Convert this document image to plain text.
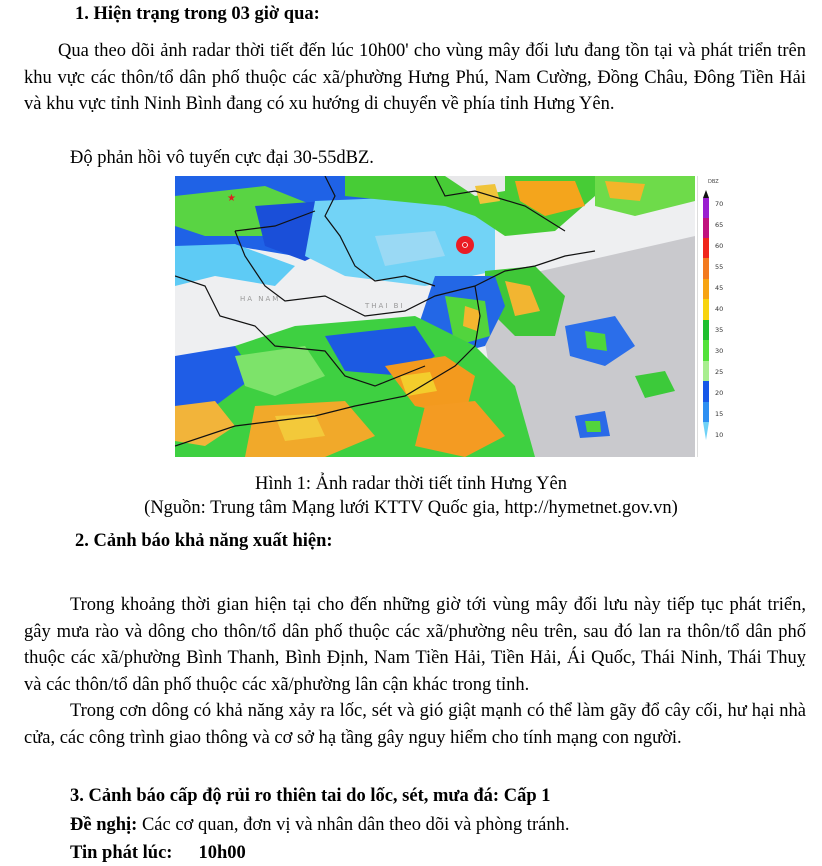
1. Hiện trạng trong 03 giờ qua:
Qua theo dõi ảnh radar thời tiết đến lúc 10h00' cho vùng mây đối lưu đang tồn tại và phát triển trên khu vực các thôn/tổ dân phố thuộc các xã/phường Hưng Phú, Nam Cường, Đồng Châu, Đông Tiền Hải và khu vực tỉnh Ninh Bình đang có xu hướng di chuyển về phía tỉnh Hưng Yên.
Độ phản hồi vô tuyến cực đại 30-55dBZ.
HA NAM
THAI BI
★
DBZ
70
65
60
55
45
40
35
30
25
20
15
10
Hình 1: Ảnh radar thời tiết tỉnh Hưng Yên
(Nguồn: Trung tâm Mạng lưới KTTV Quốc gia, http://hymetnet.gov.vn)
2. Cảnh báo khả năng xuất hiện:
Trong khoảng thời gian hiện tại cho đến những giờ tới vùng mây đối lưu này tiếp tục phát triển, gây mưa rào và dông cho thôn/tổ dân phố thuộc các xã/phường nêu trên, sau đó lan ra thôn/tổ dân phố thuộc các xã/phường Bình Thanh, Bình Định, Nam Tiền Hải, Tiền Hải, Ái Quốc, Thái Ninh, Thái Thuỵ và các thôn/tổ dân phố thuộc các xã/phường lân cận khác trong tỉnh.
Trong cơn dông có khả năng xảy ra lốc, sét và gió giật mạnh có thể làm gãy đổ cây cối, hư hại nhà cửa, các công trình giao thông và cơ sở hạ tầng gây nguy hiểm cho tính mạng con người.
3. Cảnh báo cấp độ rủi ro thiên tai do lốc, sét, mưa đá: Cấp 1
Đề nghị: Các cơ quan, đơn vị và nhân dân theo dõi và phòng tránh.
Tin phát lúc: 10h00
